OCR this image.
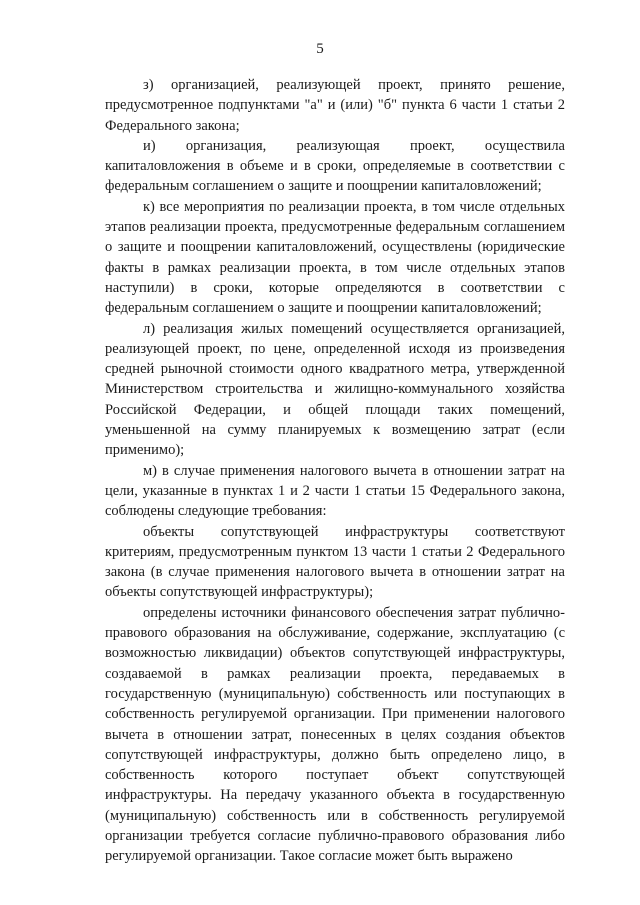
5

з) организацией, реализующей проект, принято решение, предусмотренное подпунктами "а" и (или) "б" пункта 6 части 1 статьи 2 Федерального закона;

и) организация, реализующая проект, осуществила капиталовложения в объеме и в сроки, определяемые в соответствии с федеральным соглашением о защите и поощрении капиталовложений;

к) все мероприятия по реализации проекта, в том числе отдельных этапов реализации проекта, предусмотренные федеральным соглашением о защите и поощрении капиталовложений, осуществлены (юридические факты в рамках реализации проекта, в том числе отдельных этапов наступили) в сроки, которые определяются в соответствии с федеральным соглашением о защите и поощрении капиталовложений;

л) реализация жилых помещений осуществляется организацией, реализующей проект, по цене, определенной исходя из произведения средней рыночной стоимости одного квадратного метра, утвержденной Министерством строительства и жилищно-коммунального хозяйства Российской Федерации, и общей площади таких помещений, уменьшенной на сумму планируемых к возмещению затрат (если применимо);

м) в случае применения налогового вычета в отношении затрат на цели, указанные в пунктах 1 и 2 части 1 статьи 15 Федерального закона, соблюдены следующие требования:

объекты сопутствующей инфраструктуры соответствуют критериям, предусмотренным пунктом 13 части 1 статьи 2 Федерального закона (в случае применения налогового вычета в отношении затрат на объекты сопутствующей инфраструктуры);

определены источники финансового обеспечения затрат публично-правового образования на обслуживание, содержание, эксплуатацию (с возможностью ликвидации) объектов сопутствующей инфраструктуры, создаваемой в рамках реализации проекта, передаваемых в государственную (муниципальную) собственность или поступающих в собственность регулируемой организации. При применении налогового вычета в отношении затрат, понесенных в целях создания объектов сопутствующей инфраструктуры, должно быть определено лицо, в собственность которого поступает объект сопутствующей инфраструктуры. На передачу указанного объекта в государственную (муниципальную) собственность или в собственность регулируемой организации требуется согласие публично-правового образования либо регулируемой организации. Такое согласие может быть выражено
